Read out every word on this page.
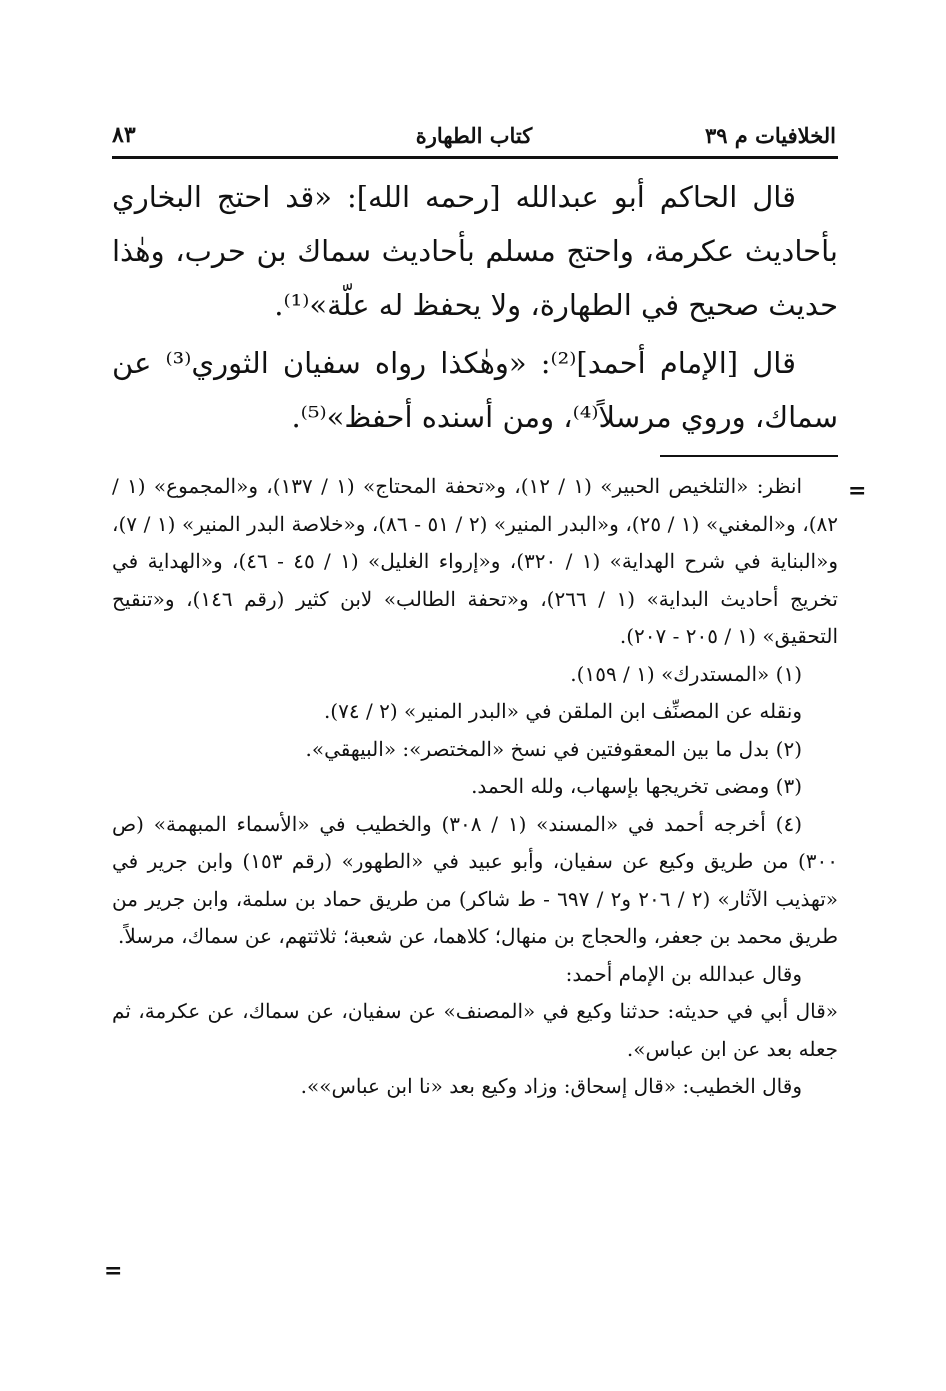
الخلافيات م ٣٩
كتاب الطهارة
٨٣

قال الحاكم أبو عبدالله [رحمه الله]: «قد احتج البخاري بأحاديث عكرمة، واحتج مسلم بأحاديث سماك بن حرب، وهٰذا حديث صحيح في الطهارة، ولا يحفظ له علّة»⁽¹⁾.

قال [الإمام أحمد]⁽²⁾: «وهٰكذا رواه سفيان الثوري⁽³⁾ عن سماك، وروي مرسلاً⁽⁴⁾، ومن أسنده أحفظ»⁽⁵⁾.

انظر: «التلخيص الحبير» (١ / ١٢)، و«تحفة المحتاج» (١ / ١٣٧)، و«المجموع» (١ / ٨٢)، و«المغني» (١ / ٢٥)، و«البدر المنير» (٢ / ٥١ - ٨٦)، و«خلاصة البدر المنير» (١ / ٧)، و«البناية في شرح الهداية» (١ / ٣٢٠)، و«إرواء الغليل» (١ / ٤٥ - ٤٦)، و«الهداية في تخريج أحاديث البداية» (١ / ٢٦٦)، و«تحفة الطالب» لابن كثير (رقم ١٤٦)، و«تنقيح التحقيق» (١ / ٢٠٥ - ٢٠٧).

(١) «المستدرك» (١ / ١٥٩).

ونقله عن المصنِّف ابن الملقن في «البدر المنير» (٢ / ٧٤).

(٢) بدل ما بين المعقوفتين في نسخ «المختصر»: «البيهقي».

(٣) ومضى تخريجها بإسهاب، ولله الحمد.

(٤) أخرجه أحمد في «المسند» (١ / ٣٠٨) والخطيب في «الأسماء المبهمة» (ص ٣٠٠) من طريق وكيع عن سفيان، وأبو عبيد في «الطهور» (رقم ١٥٣) وابن جرير في «تهذيب الآثار» (٢ / ٢٠٦ و٢ / ٦٩٧ - ط شاكر) من طريق حماد بن سلمة، وابن جرير من طريق محمد بن جعفر، والحجاج بن منهال؛ كلاهما، عن شعبة؛ ثلاثتهم، عن سماك، مرسلاً.

وقال عبدالله بن الإمام أحمد:

«قال أبي في حديثه: حدثنا وكيع في «المصنف» عن سفيان، عن سماك، عن عكرمة، ثم جعله بعد عن ابن عباس».

وقال الخطيب: «قال إسحاق: وزاد وكيع بعد «نا ابن عباس»».

=
=
